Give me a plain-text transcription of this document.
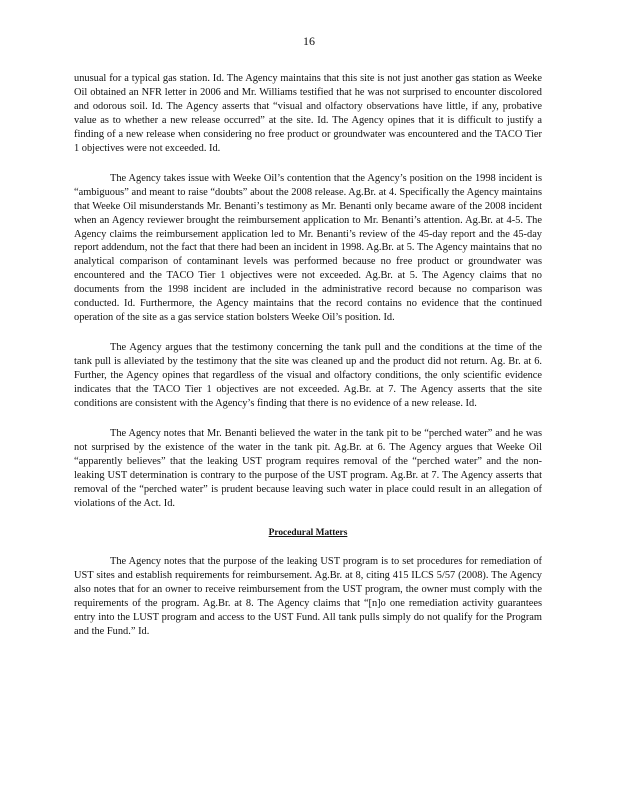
16

unusual for a typical gas station. Id. The Agency maintains that this site is not just another gas station as Weeke Oil obtained an NFR letter in 2006 and Mr. Williams testified that he was not surprised to encounter discolored and odorous soil. Id. The Agency asserts that “visual and olfactory observations have little, if any, probative value as to whether a new release occurred” at the site. Id. The Agency opines that it is difficult to justify a finding of a new release when considering no free product or groundwater was encountered and the TACO Tier 1 objectives were not exceeded. Id.

The Agency takes issue with Weeke Oil’s contention that the Agency’s position on the 1998 incident is “ambiguous” and meant to raise “doubts” about the 2008 release. Ag.Br. at 4. Specifically the Agency maintains that Weeke Oil misunderstands Mr. Benanti’s testimony as Mr. Benanti only became aware of the 2008 incident when an Agency reviewer brought the reimbursement application to Mr. Benanti’s attention. Ag.Br. at 4-5. The Agency claims the reimbursement application led to Mr. Benanti’s review of the 45-day report and the 45-day report addendum, not the fact that there had been an incident in 1998. Ag.Br. at 5. The Agency maintains that no analytical comparison of contaminant levels was performed because no free product or groundwater was encountered and the TACO Tier 1 objectives were not exceeded. Ag.Br. at 5. The Agency claims that no documents from the 1998 incident are included in the administrative record because no comparison was conducted. Id. Furthermore, the Agency maintains that the record contains no evidence that the continued operation of the site as a gas service station bolsters Weeke Oil’s position. Id.

The Agency argues that the testimony concerning the tank pull and the conditions at the time of the tank pull is alleviated by the testimony that the site was cleaned up and the product did not return. Ag. Br. at 6. Further, the Agency opines that regardless of the visual and olfactory conditions, the only scientific evidence indicates that the TACO Tier 1 objectives are not exceeded. Ag.Br. at 7. The Agency asserts that the site conditions are consistent with the Agency’s finding that there is no evidence of a new release. Id.

The Agency notes that Mr. Benanti believed the water in the tank pit to be “perched water” and he was not surprised by the existence of the water in the tank pit. Ag.Br. at 6. The Agency argues that Weeke Oil “apparently believes” that the leaking UST program requires removal of the “perched water” and the non-leaking UST determination is contrary to the purpose of the UST program. Ag.Br. at 7. The Agency asserts that removal of the “perched water” is prudent because leaving such water in place could result in an allegation of violations of the Act. Id.

Procedural Matters

The Agency notes that the purpose of the leaking UST program is to set procedures for remediation of UST sites and establish requirements for reimbursement. Ag.Br. at 8, citing 415 ILCS 5/57 (2008). The Agency also notes that for an owner to receive reimbursement from the UST program, the owner must comply with the requirements of the program. Ag.Br. at 8. The Agency claims that “[n]o one remediation activity guarantees entry into the LUST program and access to the UST Fund. All tank pulls simply do not qualify for the Program and the Fund.” Id.
